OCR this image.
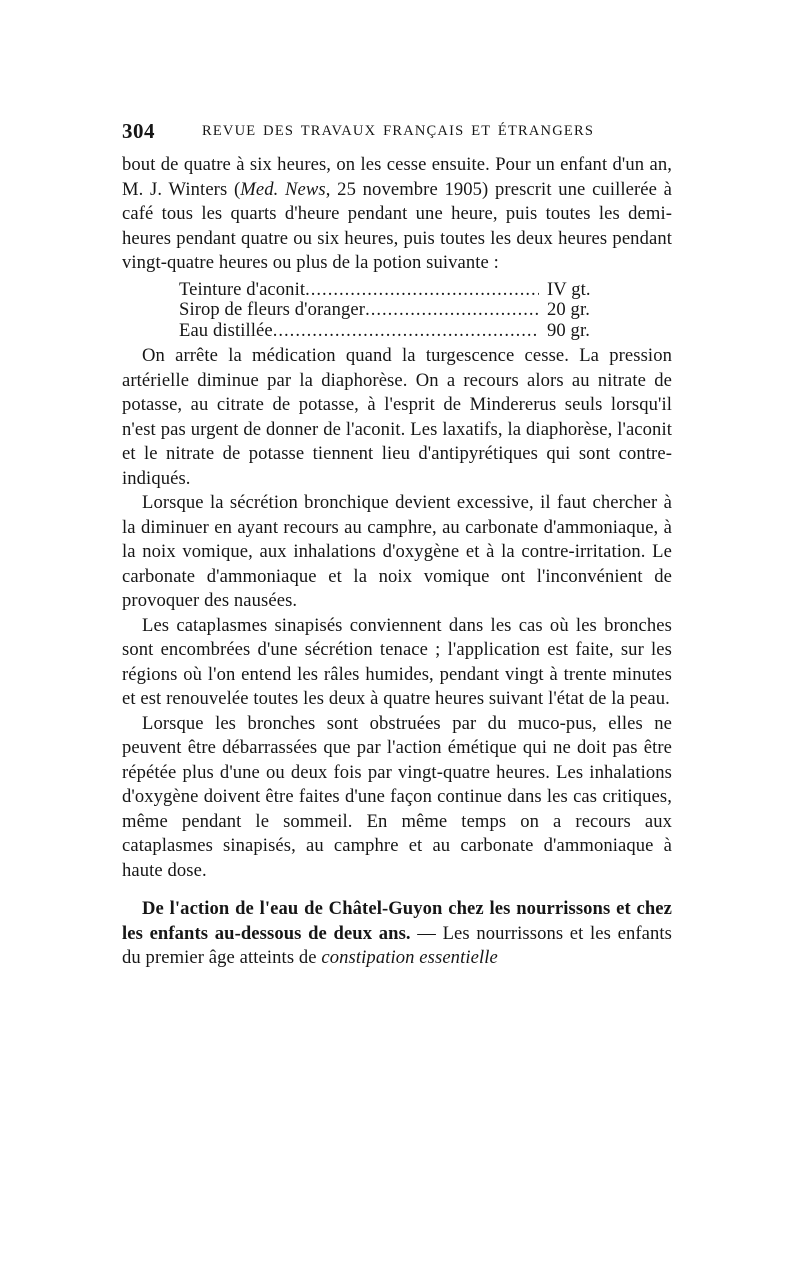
304	REVUE DES TRAVAUX FRANÇAIS ET ÉTRANGERS

bout de quatre à six heures, on les cesse ensuite. Pour un enfant d'un an, M. J. Winters (Med. News, 25 novembre 1905) prescrit une cuillerée à café tous les quarts d'heure pendant une heure, puis toutes les demi-heures pendant quatre ou six heures, puis toutes les deux heures pendant vingt-quatre heures ou plus de la potion suivante :

Teinture d'aconit .....	IV gt.
Sirop de fleurs d'oranger .....	20 gr.
Eau distillée .....	90 gr.

On arrête la médication quand la turgescence cesse. La pression artérielle diminue par la diaphorèse. On a recours alors au nitrate de potasse, au citrate de potasse, à l'esprit de Mindererus seuls lorsqu'il n'est pas urgent de donner de l'aconit. Les laxatifs, la diaphorèse, l'aconit et le nitrate de potasse tiennent lieu d'antipyrétiques qui sont contre-indiqués.

Lorsque la sécrétion bronchique devient excessive, il faut chercher à la diminuer en ayant recours au camphre, au carbonate d'ammoniaque, à la noix vomique, aux inhalations d'oxygène et à la contre-irritation. Le carbonate d'ammoniaque et la noix vomique ont l'inconvénient de provoquer des nausées.

Les cataplasmes sinapisés conviennent dans les cas où les bronches sont encombrées d'une sécrétion tenace ; l'application est faite, sur les régions où l'on entend les râles humides, pendant vingt à trente minutes et est renouvelée toutes les deux à quatre heures suivant l'état de la peau.

Lorsque les bronches sont obstruées par du muco-pus, elles ne peuvent être débarrassées que par l'action émétique qui ne doit pas être répétée plus d'une ou deux fois par vingt-quatre heures. Les inhalations d'oxygène doivent être faites d'une façon continue dans les cas critiques, même pendant le sommeil. En même temps on a recours aux cataplasmes sinapisés, au camphre et au carbonate d'ammoniaque à haute dose.

De l'action de l'eau de Châtel-Guyon chez les nourrissons et chez les enfants au-dessous de deux ans. — Les nourrissons et les enfants du premier âge atteints de constipation essentielle
